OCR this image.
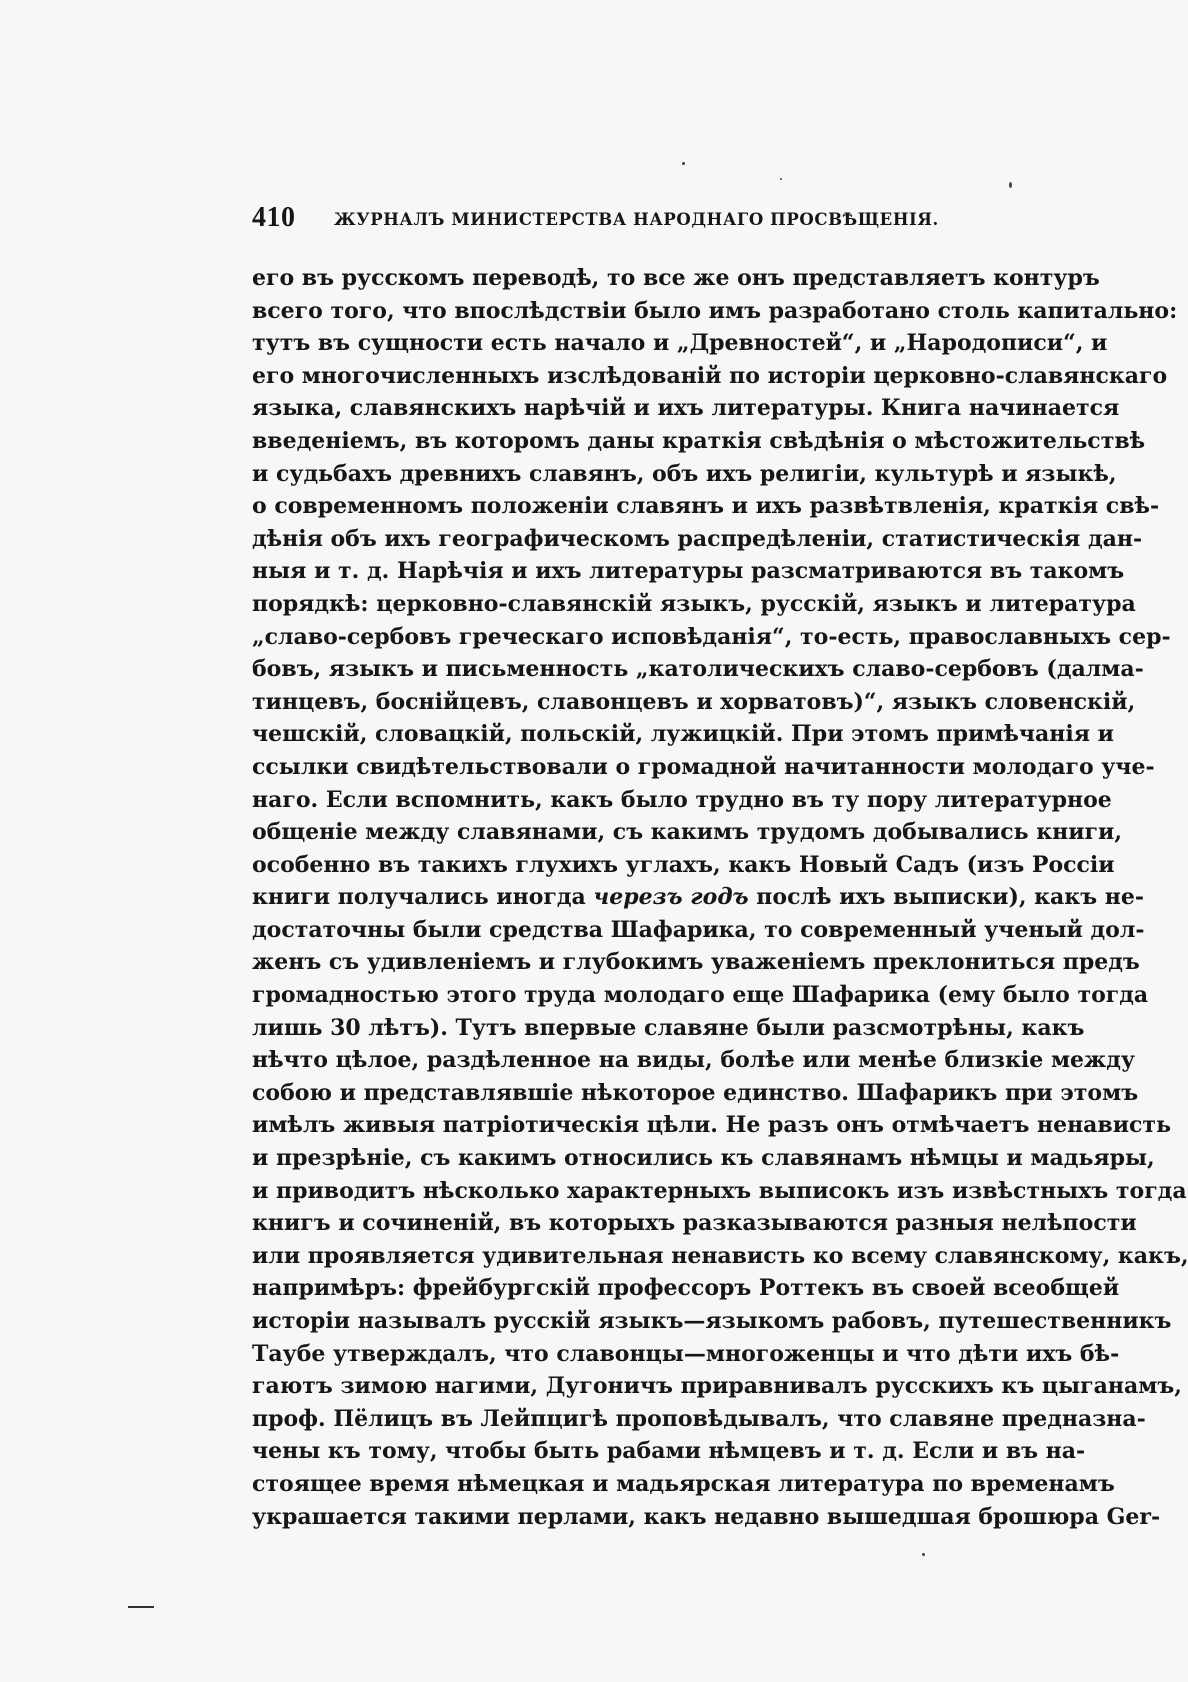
410 ЖУРНАЛЪ МИНИСТЕРСТВА НАРОДНАГО ПРОСВѢЩЕНІЯ.
его въ русскомъ переводѣ, то все же онъ представляетъ контуръ
всего того, что впослѣдствіи было имъ разработано столь капитально:
тутъ въ сущности есть начало и „Древностей“, и „Народописи“, и
его многочисленныхъ изслѣдованій по исторіи церковно-славянскаго
языка, славянскихъ нарѣчій и ихъ литературы. Книга начинается
введеніемъ, въ которомъ даны краткія свѣдѣнія о мѣстожительствѣ
и судьбахъ древнихъ славянъ, объ ихъ религіи, культурѣ и языкѣ,
о современномъ положеніи славянъ и ихъ развѣтвленія, краткія свѣ-
дѣнія объ ихъ географическомъ распредѣленіи, статистическія дан-
ныя и т. д. Нарѣчія и ихъ литературы разсматриваются въ такомъ
порядкѣ: церковно-славянскій языкъ, русскій, языкъ и литература
„славо-сербовъ греческаго исповѣданія“, то-есть, православныхъ сер-
бовъ, языкъ и письменность „католическихъ славо-сербовъ (далма-
тинцевъ, боснійцевъ, славонцевъ и хорватовъ)“, языкъ словенскій,
чешскій, словацкій, польскій, лужицкій. При этомъ примѣчанія и
ссылки свидѣтельствовали о громадной начитанности молодаго уче-
наго. Если вспомнить, какъ было трудно въ ту пору литературное
общеніе между славянами, съ какимъ трудомъ добывались книги,
особенно въ такихъ глухихъ углахъ, какъ Новый Садъ (изъ Россіи
книги получались иногда черезъ годъ послѣ ихъ выписки), какъ не-
достаточны были средства Шафарика, то современный ученый дол-
женъ съ удивленіемъ и глубокимъ уваженіемъ преклониться предъ
громадностью этого труда молодаго еще Шафарика (ему было тогда
лишь 30 лѣтъ). Тутъ впервые славяне были разсмотрѣны, какъ
нѣчто цѣлое, раздѣленное на виды, болѣе или менѣе близкіе между
собою и представлявшіе нѣкоторое единство. Шафарикъ при этомъ
имѣлъ живыя патріотическія цѣли. Не разъ онъ отмѣчаетъ ненависть
и презрѣніе, съ какимъ относились къ славянамъ нѣмцы и мадьяры,
и приводитъ нѣсколько характерныхъ выписокъ изъ извѣстныхъ тогда
книгъ и сочиненій, въ которыхъ разказываются разныя нелѣпости
или проявляется удивительная ненависть ко всему славянскому, какъ,
напримѣръ: фрейбургскій профессоръ Роттекъ въ своей всеобщей
исторіи называлъ русскій языкъ—языкомъ рабовъ, путешественникъ
Таубе утверждалъ, что славонцы—многоженцы и что дѣти ихъ бѣ-
гаютъ зимою нагими, Дугоничъ приравнивалъ русскихъ къ цыганамъ,
проф. Пёлицъ въ Лейпцигѣ проповѣдывалъ, что славяне предназна-
чены къ тому, чтобы быть рабами нѣмцевъ и т. д. Если и въ на-
стоящее время нѣмецкая и мадьярская литература по временамъ
украшается такими перлами, какъ недавно вышедшая брошюра Ger-
